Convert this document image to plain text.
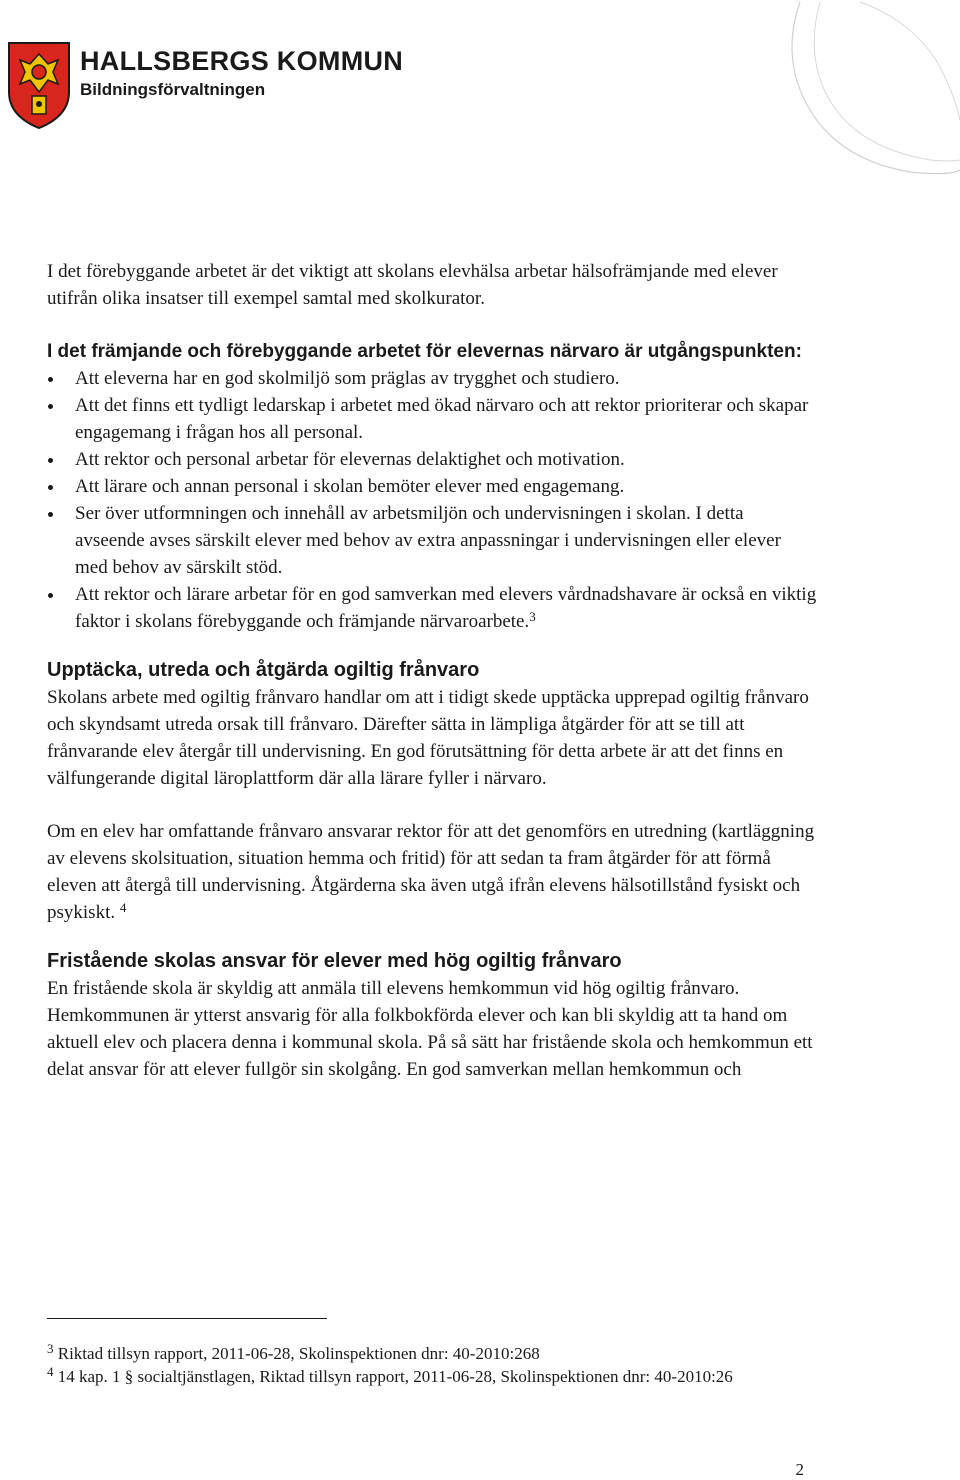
HALLSBERGS KOMMUN
Bildningsförvaltningen

I det förebyggande arbetet är det viktigt att skolans elevhälsa arbetar hälsofrämjande med elever utifrån olika insatser till exempel samtal med skolkurator.

I det främjande och förebyggande arbetet för elevernas närvaro är utgångspunkten:
Att eleverna har en god skolmiljö som präglas av trygghet och studiero.
Att det finns ett tydligt ledarskap i arbetet med ökad närvaro och att rektor prioriterar och skapar engagemang i frågan hos all personal.
Att rektor och personal arbetar för elevernas delaktighet och motivation.
Att lärare och annan personal i skolan bemöter elever med engagemang.
Ser över utformningen och innehåll av arbetsmiljön och undervisningen i skolan. I detta avseende avses särskilt elever med behov av extra anpassningar i undervisningen eller elever med behov av särskilt stöd.
Att rektor och lärare arbetar för en god samverkan med elevers vårdnadshavare är också en viktig faktor i skolans förebyggande och främjande närvaroarbete.$^3$
Upptäcka, utreda och åtgärda ogiltig frånvaro

Skolans arbete med ogiltig frånvaro handlar om att i tidigt skede upptäcka upprepad ogiltig frånvaro och skyndsamt utreda orsak till frånvaro. Därefter sätta in lämpliga åtgärder för att se till att frånvarande elev återgår till undervisning. En god förutsättning för detta arbete är att det finns en välfungerande digital läroplattform där alla lärare fyller i närvaro.

Om en elev har omfattande frånvaro ansvarar rektor för att det genomförs en utredning (kartläggning av elevens skolsituation, situation hemma och fritid) för att sedan ta fram åtgärder för att förmå eleven att återgå till undervisning. Åtgärderna ska även utgå ifrån elevens hälsotillstånd fysiskt och psykiskt. $^4$

Fristående skolas ansvar för elever med hög ogiltig frånvaro

En fristående skola är skyldig att anmäla till elevens hemkommun vid hög ogiltig frånvaro. Hemkommunen är ytterst ansvarig för alla folkbokförda elever och kan bli skyldig att ta hand om aktuell elev och placera denna i kommunal skola. På så sätt har fristående skola och hemkommun ett delat ansvar för att elever fullgör sin skolgång. En god samverkan mellan hemkommun och

$^3$ Riktad tillsyn rapport, 2011-06-28, Skolinspektionen dnr: 40-2010:268
$^4$ 14 kap. 1 § socialtjänstlagen, Riktad tillsyn rapport, 2011-06-28, Skolinspektionen dnr: 40-2010:26
2
